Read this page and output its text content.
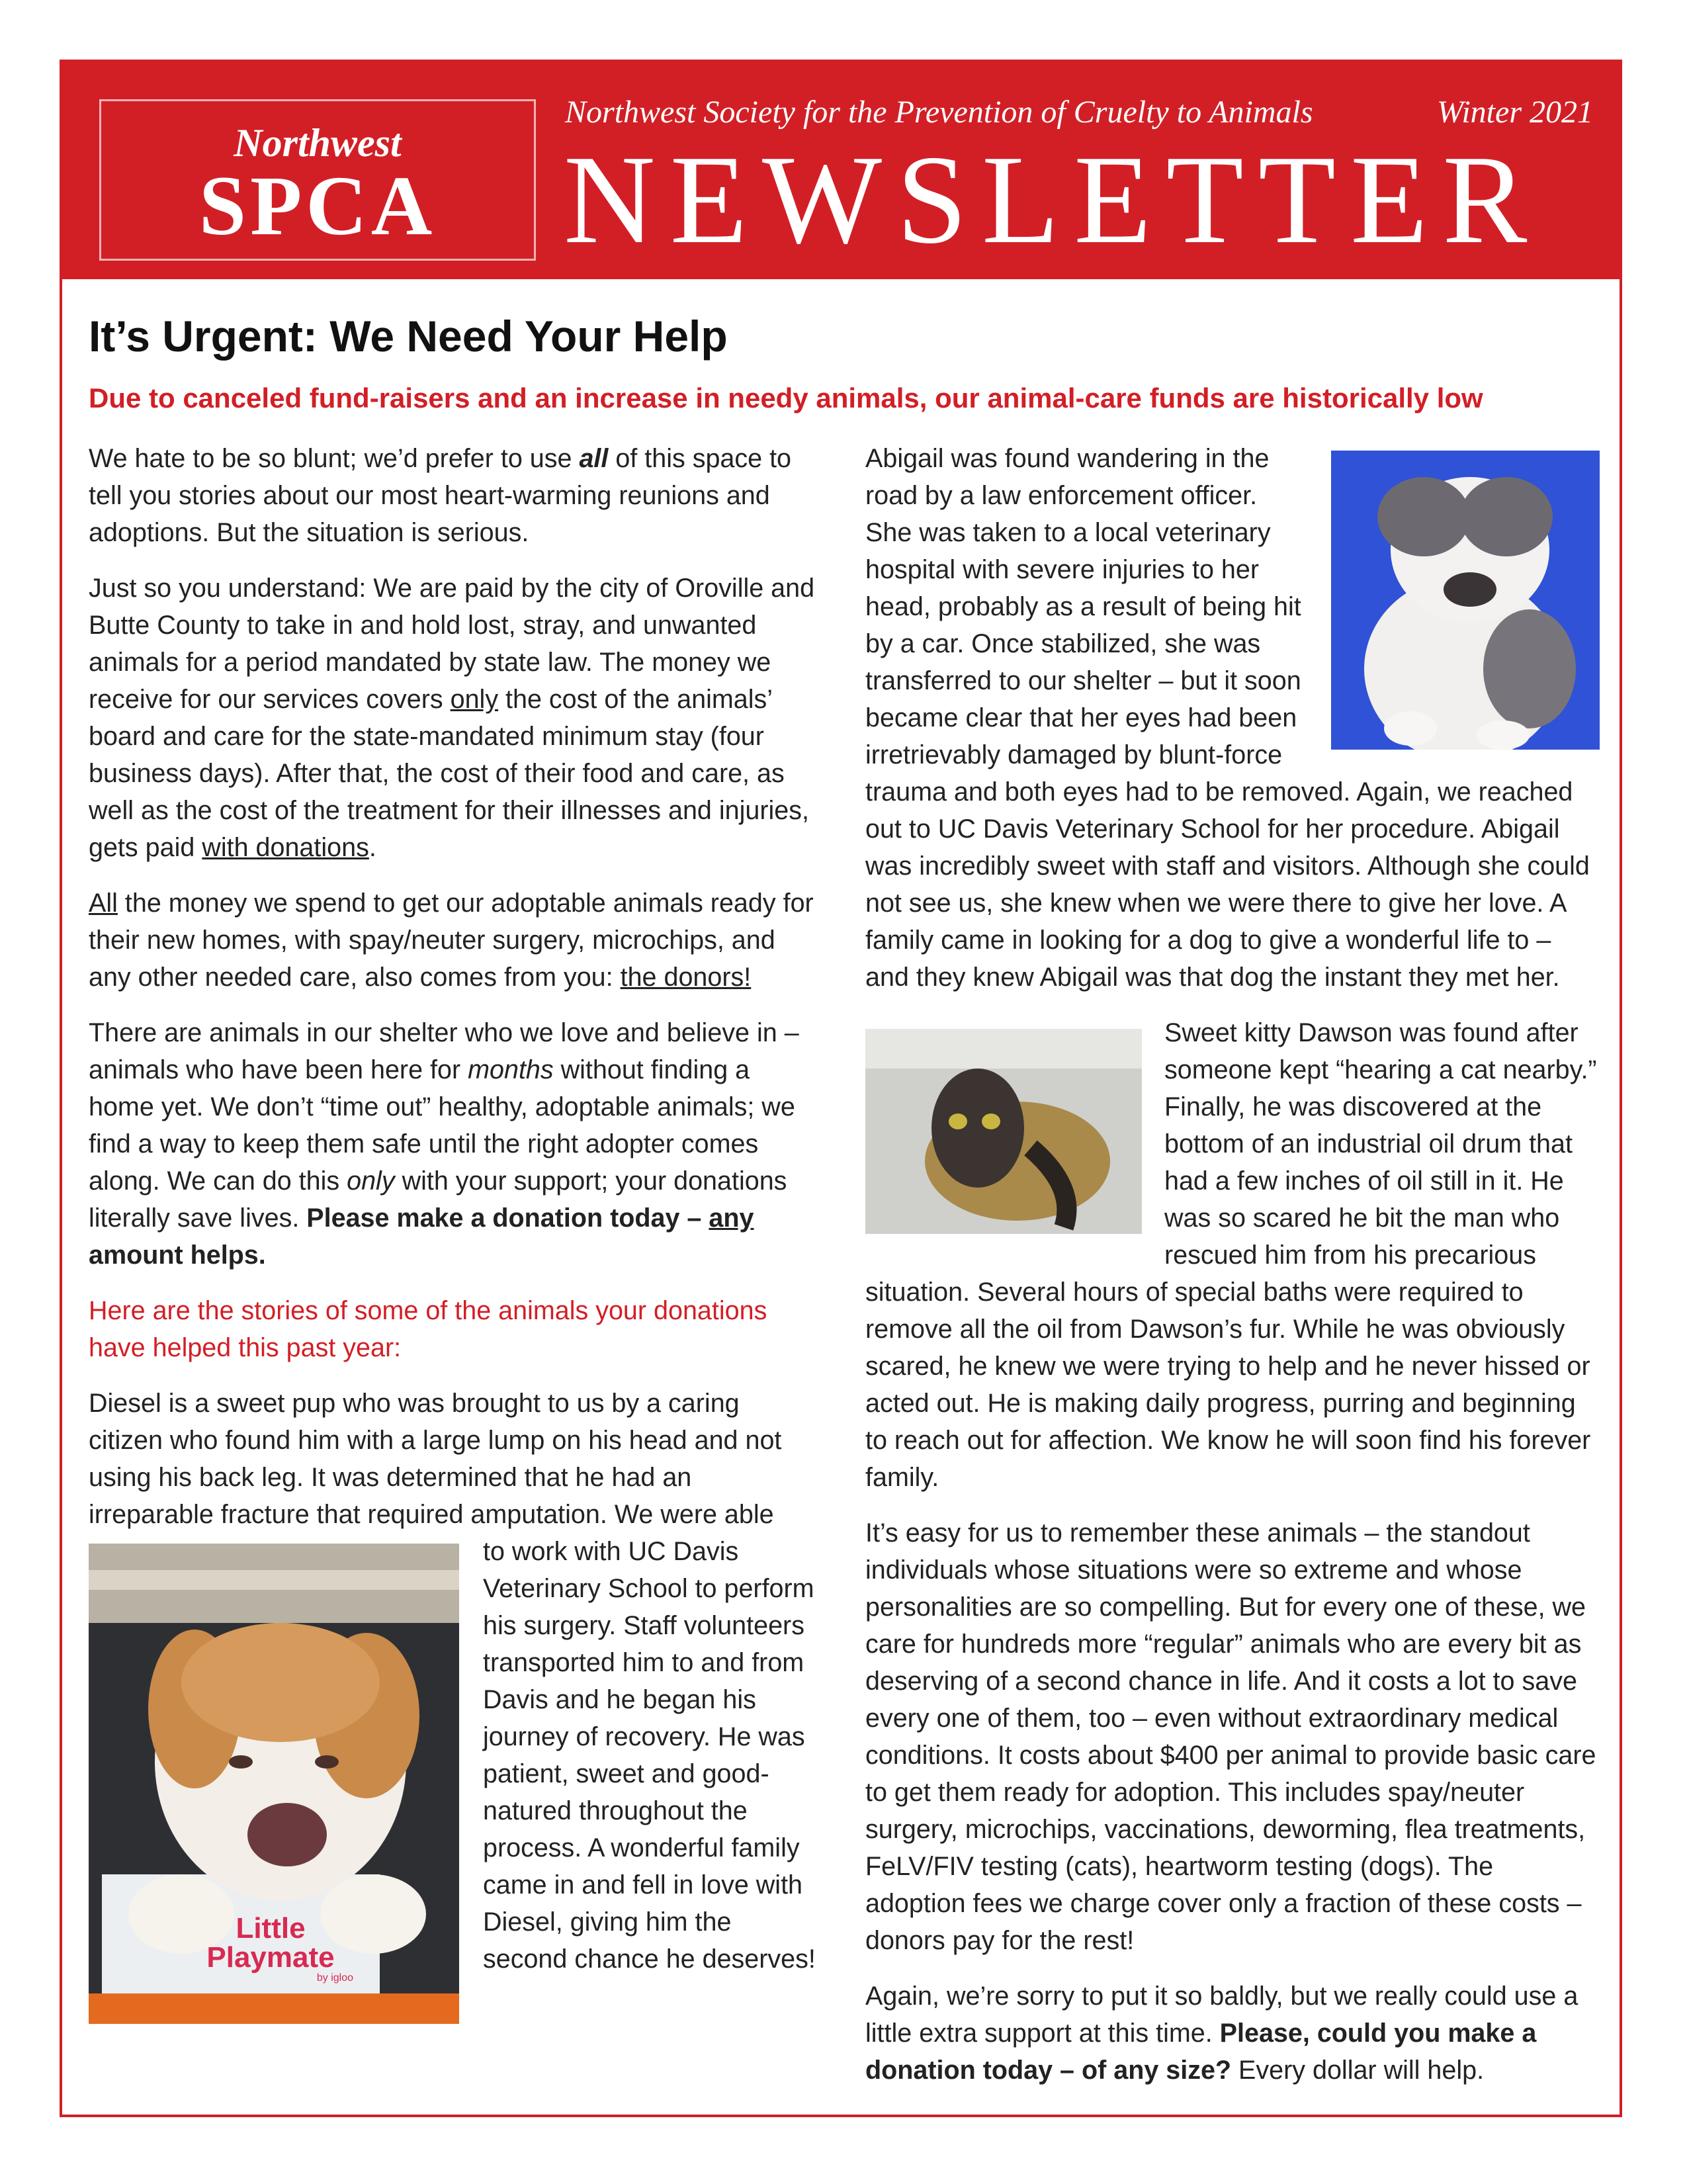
Northwest
SPCA
Northwest Society for the Prevention of Cruelty to Animals	Winter 2021
NEWSLETTER
It’s Urgent: We Need Your Help
Due to canceled fund-raisers and an increase in needy animals, our animal-care funds are historically low

We hate to be so blunt; we’d prefer to use all of this space to tell you stories about our most heart-warming reunions and adoptions. But the situation is serious.

Just so you understand: We are paid by the city of Oroville and Butte County to take in and hold lost, stray, and unwanted animals for a period mandated by state law. The money we receive for our services covers only the cost of the animals’ board and care for the state-mandated minimum stay (four business days). After that, the cost of their food and care, as well as the cost of the treatment for their illnesses and injuries, gets paid with donations.

All the money we spend to get our adoptable animals ready for their new homes, with spay/neuter surgery, microchips, and any other needed care, also comes from you: the donors!

There are animals in our shelter who we love and believe in – animals who have been here for months without finding a home yet. We don’t “time out” healthy, adoptable animals; we find a way to keep them safe until the right adopter comes along. We can do this only with your support; your donations literally save lives. Please make a donation today – any amount helps.

Here are the stories of some of the animals your donations have helped this past year:

Diesel is a sweet pup who was brought to us by a caring citizen who found him with a large lump on his head and not using his back leg. It was determined that he had an irreparable fracture that required amputation. We were able

Little
Playmate
by igloo
to work with UC Davis Veterinary School to perform his surgery. Staff volunteers transported him to and from Davis and he began his journey of recovery. He was patient, sweet and good-natured throughout the process. A wonderful family came in and fell in love with Diesel, giving him the second chance he deserves!

Abigail was found wandering in the road by a law enforcement officer. She was taken to a local veterinary hospital with severe injuries to her head, probably as a result of being hit by a car. Once stabilized, she was transferred to our shelter – but it soon became clear that her eyes had been irretrievably damaged by blunt-force trauma and both eyes had to be removed. Again, we reached out to UC Davis Veterinary School for her procedure. Abigail was incredibly sweet with staff and visitors. Although she could not see us, she knew when we were there to give her love. A family came in looking for a dog to give a wonderful life to – and they knew Abigail was that dog the instant they met her.

Sweet kitty Dawson was found after someone kept “hearing a cat nearby.” Finally, he was discovered at the bottom of an industrial oil drum that had a few inches of oil still in it. He was so scared he bit the man who rescued him from his precarious situation. Several hours of special baths were required to remove all the oil from Dawson’s fur. While he was obviously scared, he knew we were trying to help and he never hissed or acted out. He is making daily progress, purring and beginning to reach out for affection. We know he will soon find his forever family.

It’s easy for us to remember these animals – the standout individuals whose situations were so extreme and whose personalities are so compelling. But for every one of these, we care for hundreds more “regular” animals who are every bit as deserving of a second chance in life. And it costs a lot to save every one of them, too – even without extraordinary medical conditions. It costs about $400 per animal to provide basic care to get them ready for adoption. This includes spay/neuter surgery, microchips, vaccinations, deworming, flea treatments, FeLV/FIV testing (cats), heartworm testing (dogs). The adoption fees we charge cover only a fraction of these costs – donors pay for the rest!

Again, we’re sorry to put it so baldly, but we really could use a little extra support at this time. Please, could you make a donation today – of any size? Every dollar will help.
